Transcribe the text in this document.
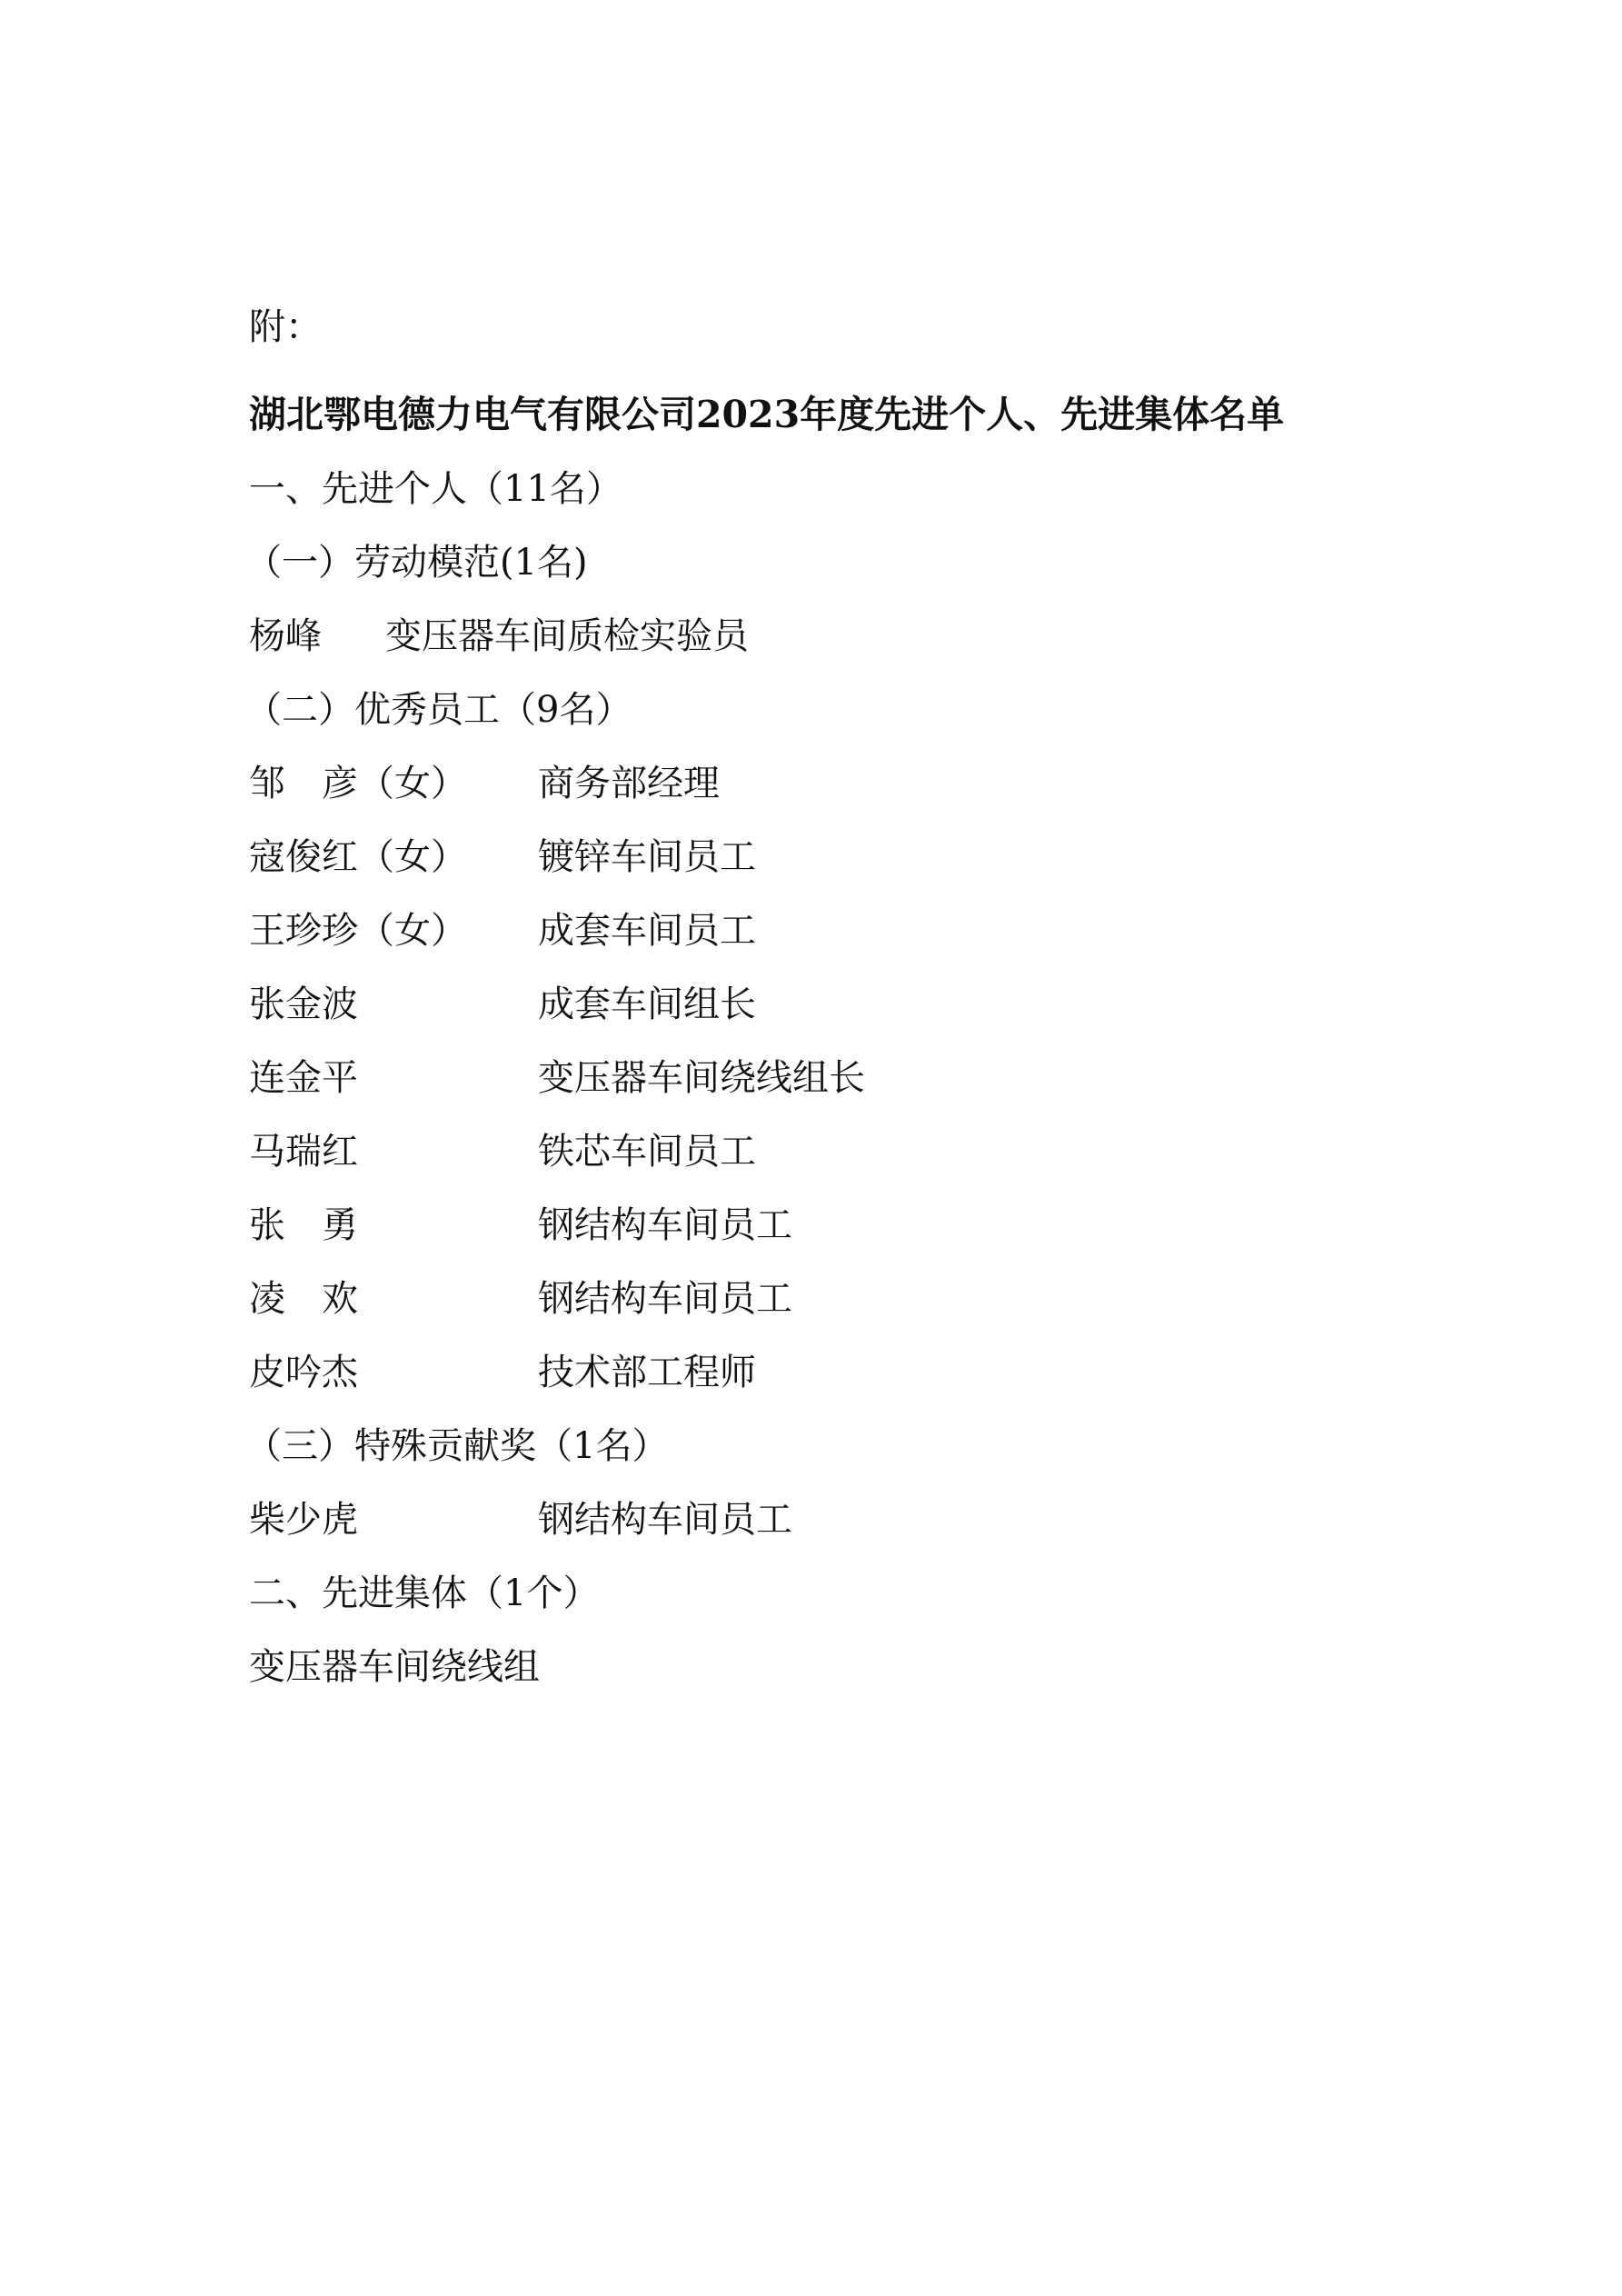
附：
湖北鄂电德力电气有限公司2023年度先进个人、先进集体名单
一、先进个人（11名）
（一）劳动模范(1名)
杨峰 变压器车间质检实验员
（二）优秀员工（9名）
邹　彦（女） 商务部经理
寇俊红（女） 镀锌车间员工
王珍珍（女） 成套车间员工
张金波	成套车间组长
连金平	变压器车间绕线组长
马瑞红	铁芯车间员工
张　勇	钢结构车间员工
凌　欢	钢结构车间员工
皮吟杰	技术部工程师
（三）特殊贡献奖（1名）
柴少虎	钢结构车间员工
二、先进集体（1个）
变压器车间绕线组
